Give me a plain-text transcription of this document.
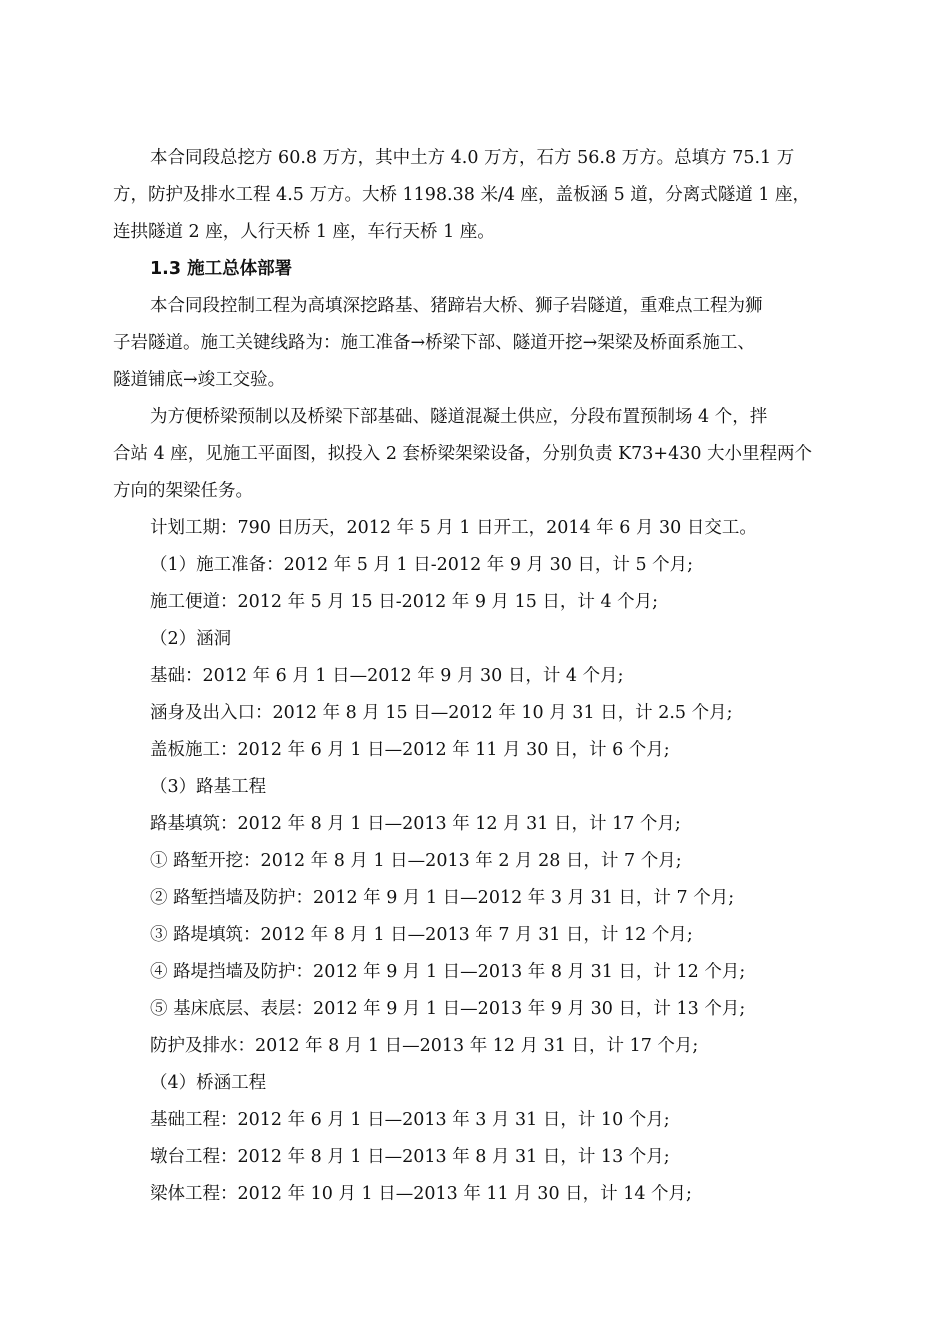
本合同段总挖方 60.8 万方，其中土方 4.0 万方，石方 56.8 万方。总填方 75.1 万
方，防护及排水工程 4.5 万方。大桥 1198.38 米/4 座，盖板涵 5 道，分离式隧道 1 座，
连拱隧道 2 座，人行天桥 1 座，车行天桥 1 座。
1.3 施工总体部署
本合同段控制工程为高填深挖路基、猪蹄岩大桥、狮子岩隧道，重难点工程为狮
子岩隧道。施工关键线路为：施工准备→桥梁下部、隧道开挖→架梁及桥面系施工、
隧道铺底→竣工交验。
为方便桥梁预制以及桥梁下部基础、隧道混凝土供应，分段布置预制场 4 个，拌
合站 4 座，见施工平面图，拟投入 2 套桥梁架梁设备，分别负责 K73+430 大小里程两个
方向的架梁任务。
计划工期：790 日历天，2012 年 5 月 1 日开工，2014 年 6 月 30 日交工。
（1）施工准备：2012 年 5 月 1 日-2012 年 9 月 30 日，计 5 个月;
施工便道：2012 年 5 月 15 日-2012 年 9 月 15 日，计 4 个月;
（2）涵洞
基础：2012 年 6 月 1 日—2012 年 9 月 30 日，计 4 个月;
涵身及出入口：2012 年 8 月 15 日—2012 年 10 月 31 日，计 2.5 个月;
盖板施工：2012 年 6 月 1 日—2012 年 11 月 30 日，计 6 个月;
（3）路基工程
路基填筑：2012 年 8 月 1 日—2013 年 12 月 31 日，计 17 个月;
① 路堑开挖：2012 年 8 月 1 日—2013 年 2 月 28 日，计 7 个月;
② 路堑挡墙及防护：2012 年 9 月 1 日—2012 年 3 月 31 日，计 7 个月;
③ 路堤填筑：2012 年 8 月 1 日—2013 年 7 月 31 日，计 12 个月;
④ 路堤挡墙及防护：2012 年 9 月 1 日—2013 年 8 月 31 日，计 12 个月;
⑤ 基床底层、表层：2012 年 9 月 1 日—2013 年 9 月 30 日，计 13 个月;
防护及排水：2012 年 8 月 1 日—2013 年 12 月 31 日，计 17 个月;
（4）桥涵工程
基础工程：2012 年 6 月 1 日—2013 年 3 月 31 日，计 10 个月;
墩台工程：2012 年 8 月 1 日—2013 年 8 月 31 日，计 13 个月;
梁体工程：2012 年 10 月 1 日—2013 年 11 月 30 日，计 14 个月;
